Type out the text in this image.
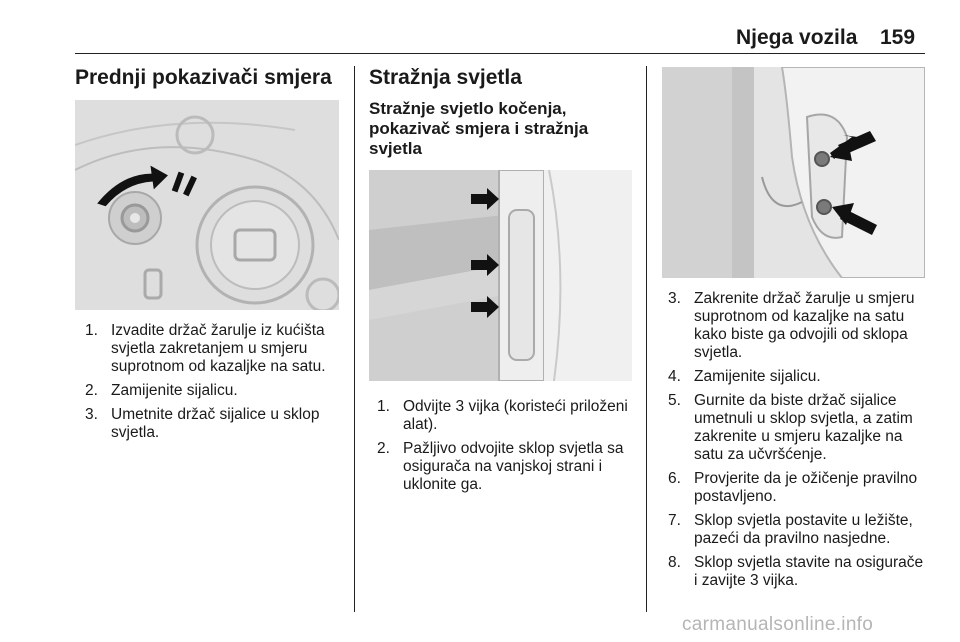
Njega vozila 159
Prednji pokazivači smjera
1. Izvadite držač žarulje iz kućišta svjetla zakretanjem u smjeru suprotnom od kazaljke na satu.
2. Zamijenite sijalicu.
3. Umetnite držač sijalice u sklop svjetla.
Stražnja svjetla
Stražnje svjetlo kočenja, pokazivač smjera i stražnja svjetla
1. Odvijte 3 vijka (koristeći priloženi alat).
2. Pažljivo odvojite sklop svjetla sa osigurača na vanjskoj strani i uklonite ga.
3. Zakrenite držač žarulje u smjeru suprotnom od kazaljke na satu kako biste ga odvojili od sklopa svjetla.
4. Zamijenite sijalicu.
5. Gurnite da biste držač sijalice umetnuli u sklop svjetla, a zatim zakrenite u smjeru kazaljke na satu za učvršćenje.
6. Provjerite da je ožičenje pravilno postavljeno.
7. Sklop svjetla postavite u ležište, pazeći da pravilno nasjedne.
8. Sklop svjetla stavite na osigurače i zavijte 3 vijka.
carmanualsonline.info
